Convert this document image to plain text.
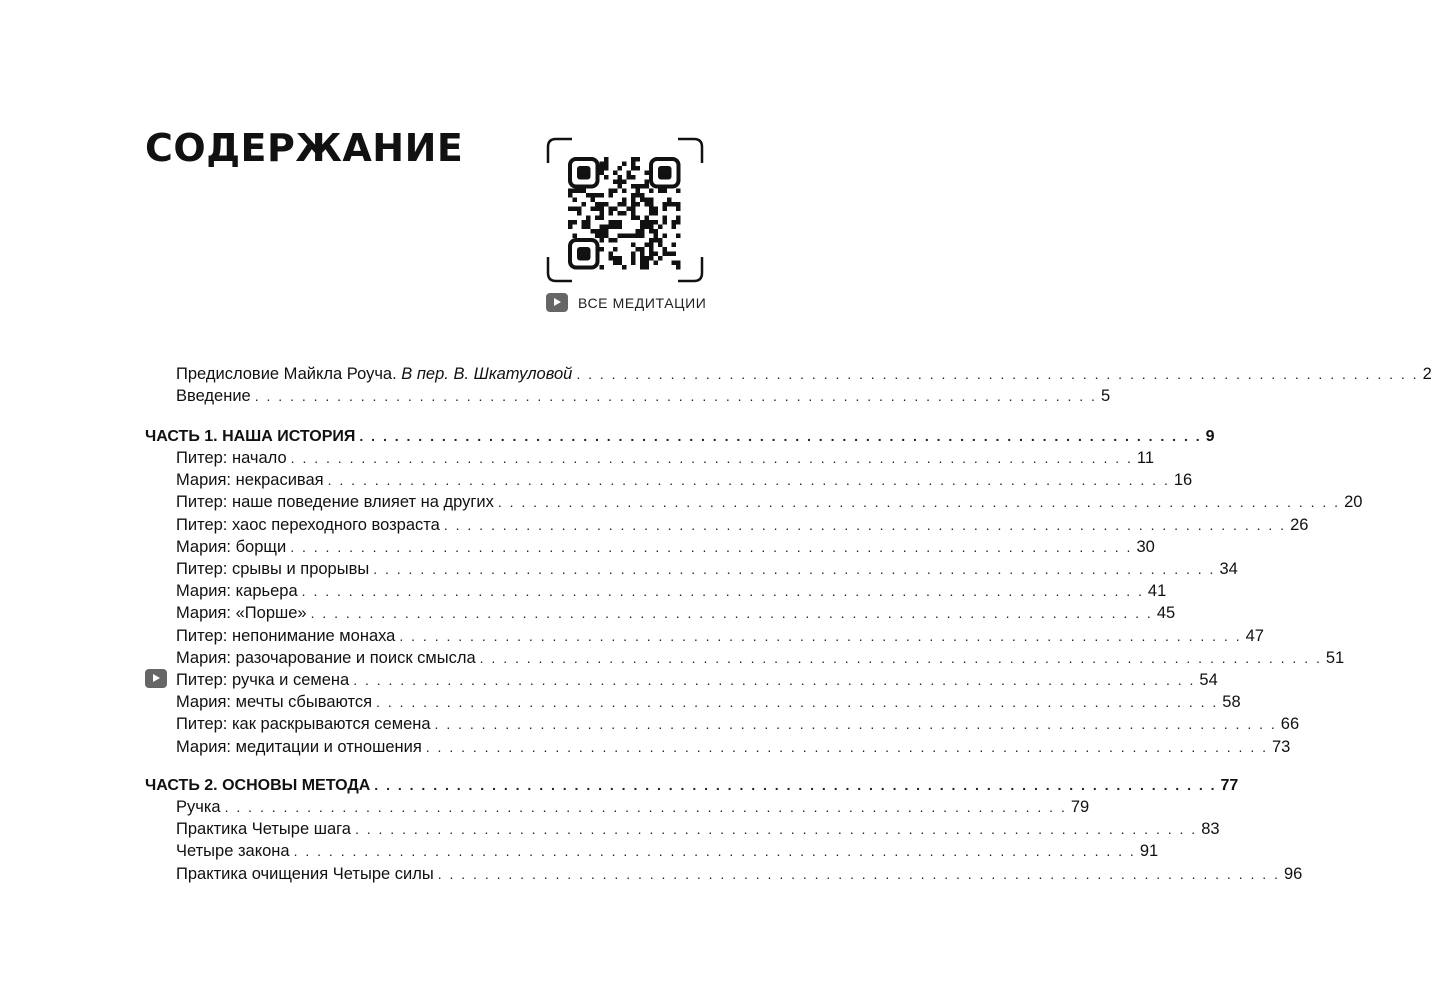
СОДЕРЖАНИЕ
ВСЕ МЕДИТАЦИИ
Предисловие Майкла Роуча. В пер. В. Шкатуловой . . . . . . . . . . . . . . . . . . . . . . . . . . . . . . . . . . . . . . . . . . . . . . . . . . . . . . . . . . . . . . . . . . . . . . . . 2
Введение . . . . . . . . . . . . . . . . . . . . . . . . . . . . . . . . . . . . . . . . . . . . . . . . . . . . . . . . . . . . . . . . . . . . . . . . 5
ЧАСТЬ 1. НАША ИСТОРИЯ . . . . . . . . . . . . . . . . . . . . . . . . . . . . . . . . . . . . . . . . . . . . . . . . . . . . . . . . . . . . . . . . . . . . . . . . 9
Питер: начало . . . . . . . . . . . . . . . . . . . . . . . . . . . . . . . . . . . . . . . . . . . . . . . . . . . . . . . . . . . . . . . . . . . . . . . . 11
Мария: некрасивая . . . . . . . . . . . . . . . . . . . . . . . . . . . . . . . . . . . . . . . . . . . . . . . . . . . . . . . . . . . . . . . . . . . . . . . . 16
Питер: наше поведение влияет на других . . . . . . . . . . . . . . . . . . . . . . . . . . . . . . . . . . . . . . . . . . . . . . . . . . . . . . . . . . . . . . . . . . . . . . . . 20
Питер: хаос переходного возраста . . . . . . . . . . . . . . . . . . . . . . . . . . . . . . . . . . . . . . . . . . . . . . . . . . . . . . . . . . . . . . . . . . . . . . . . 26
Мария: борщи . . . . . . . . . . . . . . . . . . . . . . . . . . . . . . . . . . . . . . . . . . . . . . . . . . . . . . . . . . . . . . . . . . . . . . . . 30
Питер: срывы и прорывы . . . . . . . . . . . . . . . . . . . . . . . . . . . . . . . . . . . . . . . . . . . . . . . . . . . . . . . . . . . . . . . . . . . . . . . . 34
Мария: карьера . . . . . . . . . . . . . . . . . . . . . . . . . . . . . . . . . . . . . . . . . . . . . . . . . . . . . . . . . . . . . . . . . . . . . . . . 41
Мария: «Порше» . . . . . . . . . . . . . . . . . . . . . . . . . . . . . . . . . . . . . . . . . . . . . . . . . . . . . . . . . . . . . . . . . . . . . . . . 45
Питер: непонимание монаха . . . . . . . . . . . . . . . . . . . . . . . . . . . . . . . . . . . . . . . . . . . . . . . . . . . . . . . . . . . . . . . . . . . . . . . . 47
Мария: разочарование и поиск смысла . . . . . . . . . . . . . . . . . . . . . . . . . . . . . . . . . . . . . . . . . . . . . . . . . . . . . . . . . . . . . . . . . . . . . . . . 51
Питер: ручка и семена . . . . . . . . . . . . . . . . . . . . . . . . . . . . . . . . . . . . . . . . . . . . . . . . . . . . . . . . . . . . . . . . . . . . . . . . 54
Мария: мечты сбываются . . . . . . . . . . . . . . . . . . . . . . . . . . . . . . . . . . . . . . . . . . . . . . . . . . . . . . . . . . . . . . . . . . . . . . . . 58
Питер: как раскрываются семена . . . . . . . . . . . . . . . . . . . . . . . . . . . . . . . . . . . . . . . . . . . . . . . . . . . . . . . . . . . . . . . . . . . . . . . . 66
Мария: медитации и отношения . . . . . . . . . . . . . . . . . . . . . . . . . . . . . . . . . . . . . . . . . . . . . . . . . . . . . . . . . . . . . . . . . . . . . . . . 73
ЧАСТЬ 2. ОСНОВЫ МЕТОДА . . . . . . . . . . . . . . . . . . . . . . . . . . . . . . . . . . . . . . . . . . . . . . . . . . . . . . . . . . . . . . . . . . . . . . . . 77
Ручка . . . . . . . . . . . . . . . . . . . . . . . . . . . . . . . . . . . . . . . . . . . . . . . . . . . . . . . . . . . . . . . . . . . . . . . . 79
Практика Четыре шага . . . . . . . . . . . . . . . . . . . . . . . . . . . . . . . . . . . . . . . . . . . . . . . . . . . . . . . . . . . . . . . . . . . . . . . . 83
Четыре закона . . . . . . . . . . . . . . . . . . . . . . . . . . . . . . . . . . . . . . . . . . . . . . . . . . . . . . . . . . . . . . . . . . . . . . . . 91
Практика очищения Четыре силы . . . . . . . . . . . . . . . . . . . . . . . . . . . . . . . . . . . . . . . . . . . . . . . . . . . . . . . . . . . . . . . . . . . . . . . . 96
